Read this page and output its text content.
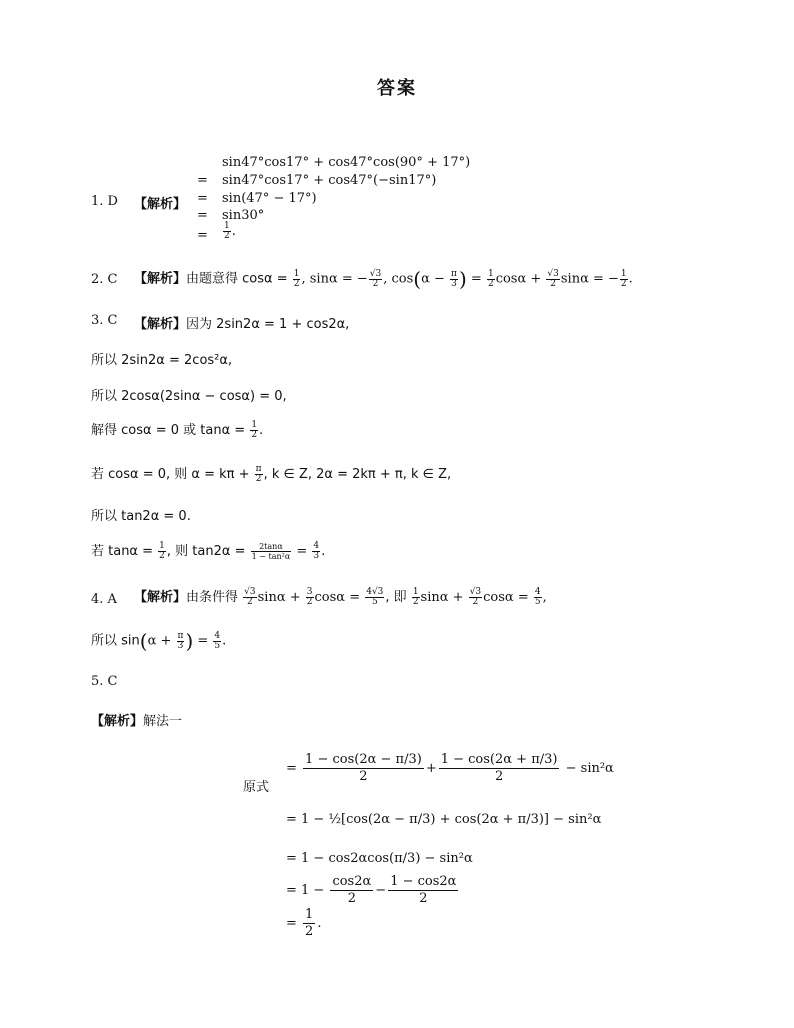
答案
1. D 【解析】
sin47°cos17° + cos47°cos(90° + 17°)
= sin47°cos17° + cos47°(−sin17°)
= sin(47° − 17°)
= sin30°
= $\frac{1}{2}$ .
2. C 【解析】由题意得 $\cos\alpha = \frac{1}{2}$ , sinα = − $\frac{√3}{2}$ , $\cos(\alpha - \frac{\pi}{3}$ ) = $\frac{1}{2}$ $\cos\alpha + \frac{√3}{2}$ sinα = − $\frac{1}{2}$ .
3. C 【解析】因为 2sin2α = 1 + cos2α,
所以 2sin2α = 2cos²α,
所以 2cosα(2sinα − cosα) = 0,
解得 cosα = 0 或 $\tan\alpha = \frac{1}{2}$ .
若 cosα = 0, 则 $\alpha = k\pi + \frac{\pi}{2}$ , k ∈ Z, 2α = 2kπ + π, k ∈ Z,
所以 tan2α = 0.
若 $\tan\alpha = \frac{1}{2}$ , 则 $\tan 2\alpha = \frac{2\tan\alpha}{\text{1 − tan²α}} = \frac{4}{3}$ .
4. A 【解析】由条件得 $\frac{√3}{2}$ $\sin\alpha + \frac{3}{2}$ $\cos\alpha = \frac{4√3}{5}$ , 即 $\frac{1}{2}$ $\sin\alpha + \frac{√3}{2}$ $\cos\alpha = \frac{4}{5}$ ,
所以 $\sin(\alpha + \frac{\pi}{3}$ ) = $\frac{4}{5}$ .
5. C
【解析】解法一
原式
= $\frac{1 - \cos(2\alpha - \pi/3)}{2} + \frac{1 - \cos(2\alpha + \pi/3)}{2} - \sin^2\alpha$
= 1 − ½[cos(2α − π/3) + cos(2α + π/3)] − sin²α
= 1 − cos2αcos(π/3) − sin²α
= $1 - \frac{\cos 2\alpha}{2} - \frac{1 - \cos 2\alpha}{2}$
= $\frac{1}{2}$ .
